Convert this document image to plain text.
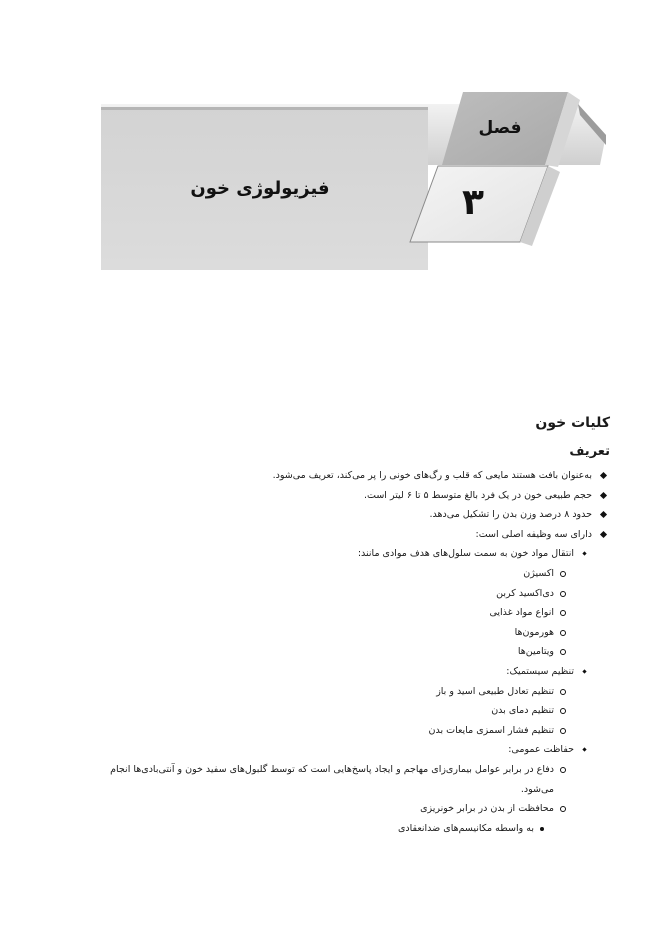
فصل
۳
فیزیولوژی خون
کلیات خون
تعریف
به‌عنوان بافت هستند مایعی که قلب و رگ‌های خونی را پر می‌کند، تعریف می‌شود.
حجم طبیعی خون در یک فرد بالغ متوسط ۵ تا ۶ لیتر است.
حدود ۸ درصد وزن بدن را تشکیل می‌دهد.
دارای سه وظیفه اصلی است:
انتقال مواد خون به سمت سلول‌های هدف موادی مانند:
اکسیژن
دی‌اکسید کربن
انواع مواد غذایی
هورمون‌ها
ویتامین‌ها
تنظیم سیستمیک:
تنظیم تعادل طبیعی اسید و باز
تنظیم دمای بدن
تنظیم فشار اسمزی مایعات بدن
حفاظت عمومی:
دفاع در برابر عوامل بیماری‌زای مهاجم و ایجاد پاسخ‌هایی است که توسط گلبول‌های سفید خون و آنتی‌بادی‌ها انجام می‌شود.
محافظت از بدن در برابر خونریزی
به واسطه مکانیسم‌های ضدانعقادی
